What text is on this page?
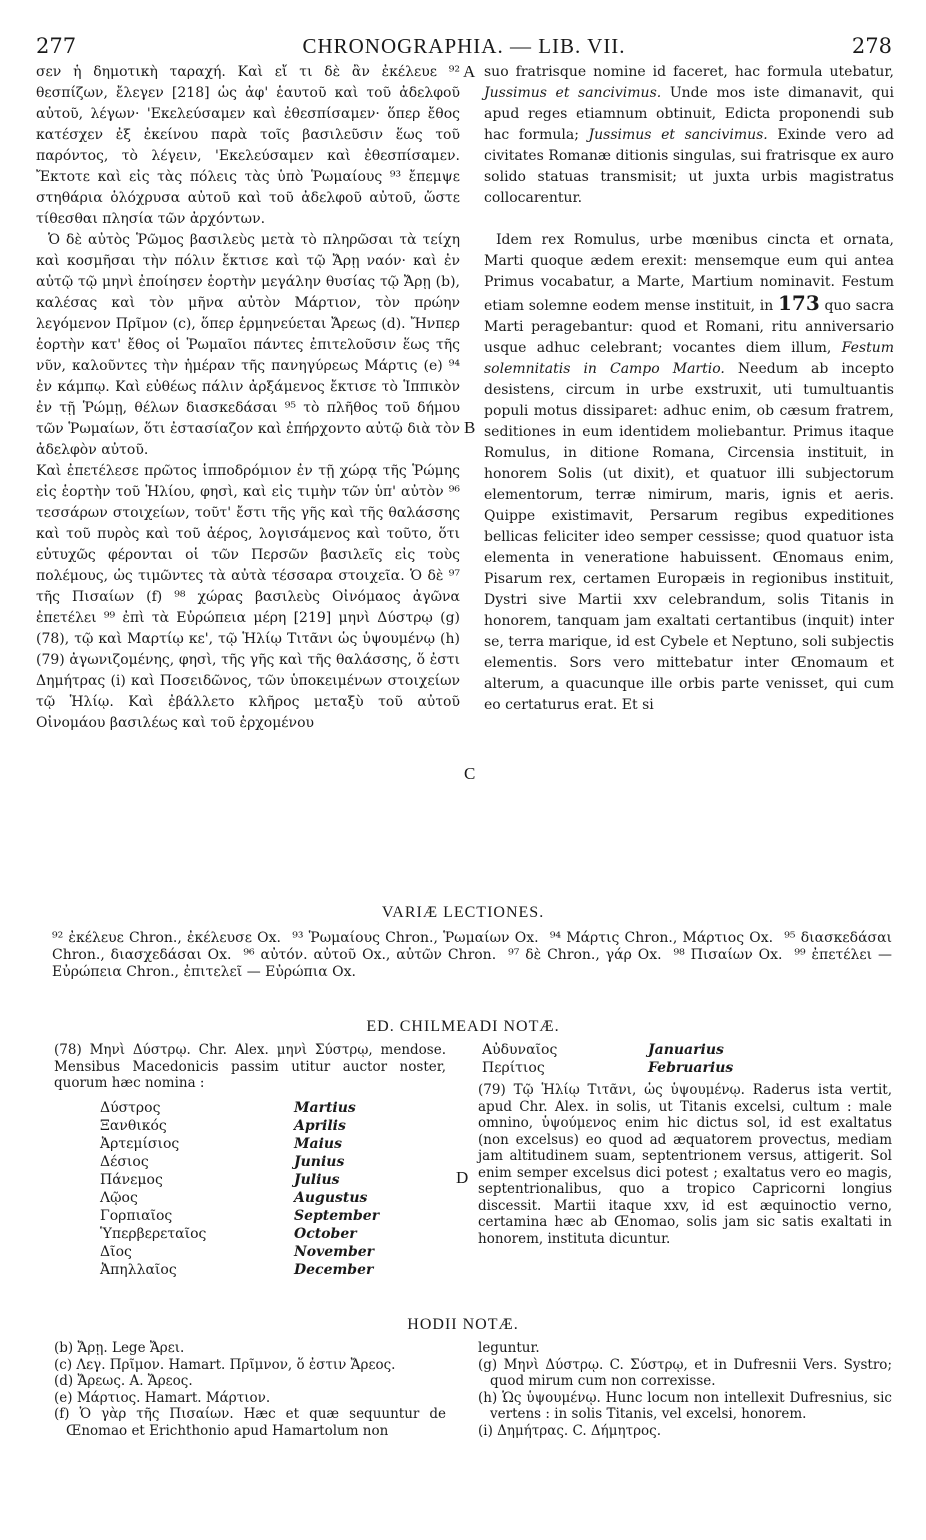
277	CHRONOGRAPHIA. — LIB. VII.	278

σεν ἡ δημοτικὴ ταραχή. Καὶ εἴ τι δὲ ἂν ἐκέλευε ⁹² θεσπίζων, ἔλεγεν [218] ὡς ἀφ' ἑαυτοῦ καὶ τοῦ ἀδελφοῦ αὐτοῦ, λέγων· 'Εκελεύσαμεν καὶ ἐθεσπίσαμεν· ὅπερ ἔθος κατέσχεν ἐξ ἐκείνου παρὰ τοῖς βασιλεῦσιν ἕως τοῦ παρόντος, τὸ λέγειν, 'Εκελεύσαμεν καὶ ἐθεσπίσαμεν. Ἔκτοτε καὶ εἰς τὰς πόλεις τὰς ὑπὸ Ῥωμαίους ⁹³ ἔπεμψε στηθάρια ὁλόχρυσα αὐτοῦ καὶ τοῦ ἀδελφοῦ αὐτοῦ, ὥστε τίθεσθαι πλησία τῶν ἀρχόντων.

Ὁ δὲ αὐτὸς Ῥῶμος βασιλεὺς μετὰ τὸ πληρῶσαι τὰ τείχη καὶ κοσμῆσαι τὴν πόλιν ἔκτισε καὶ τῷ Ἄρῃ ναόν· καὶ ἐν αὐτῷ τῷ μηνὶ ἐποίησεν ἑορτὴν μεγάλην θυσίας τῷ Ἄρῃ (b), καλέσας καὶ τὸν μῆνα αὐτὸν Μάρτιον, τὸν πρώην λεγόμενον Πρῖμον (c), ὅπερ ἑρμηνεύεται Ἄρεως (d). Ἤνπερ ἑορτὴν κατ' ἔθος οἱ Ῥωμαῖοι πάντες ἐπιτελοῦσιν ἕως τῆς νῦν, καλοῦντες τὴν ἡμέραν τῆς πανηγύρεως Μάρτις (e) ⁹⁴ ἐν κάμπῳ. Καὶ εὐθέως πάλιν ἀρξάμενος ἔκτισε τὸ Ἱππικὸν ἐν τῇ Ῥώμῃ, θέλων διασκεδάσαι ⁹⁵ τὸ πλῆθος τοῦ δήμου τῶν Ῥωμαίων, ὅτι ἐστασίαζον καὶ ἐπήρχοντο αὐτῷ διὰ τὸν ἀδελφὸν αὐτοῦ.

Καὶ ἐπετέλεσε πρῶτος ἱπποδρόμιον ἐν τῇ χώρᾳ τῆς Ῥώμης εἰς ἑορτὴν τοῦ Ἡλίου, φησὶ, καὶ εἰς τιμὴν τῶν ὑπ' αὐτὸν ⁹⁶ τεσσάρων στοιχείων, τοῦτ' ἔστι τῆς γῆς καὶ τῆς θαλάσσης καὶ τοῦ πυρὸς καὶ τοῦ ἀέρος, λογισάμενος καὶ τοῦτο, ὅτι εὐτυχῶς φέρονται οἱ τῶν Περσῶν βασιλεῖς εἰς τοὺς πολέμους, ὡς τιμῶντες τὰ αὐτὰ τέσσαρα στοιχεῖα. Ὁ δὲ ⁹⁷ τῆς Πισαίων (f) ⁹⁸ χώρας βασιλεὺς Οἰνόμαος ἀγῶνα ἐπετέλει ⁹⁹ ἐπὶ τὰ Εὐρώπεια μέρη [219] μηνὶ Δύστρῳ (g) (78), τῷ καὶ Μαρτίῳ κε', τῷ Ἡλίῳ Τιτᾶνι ὡς ὑψουμένῳ (h) (79) ἀγωνιζομένης, φησὶ, τῆς γῆς καὶ τῆς θαλάσσης, ὅ ἐστι Δημήτρας (i) καὶ Ποσειδῶνος, τῶν ὑποκειμένων στοιχείων τῷ Ἡλίῳ. Καὶ ἐβάλλετο κλῆρος μεταξὺ τοῦ αὐτοῦ Οἰνομάου βασιλέως καὶ τοῦ ἐρχομένου

A
B
C
D

suo fratrisque nomine id faceret, hac formula utebatur, Jussimus et sancivimus. Unde mos iste dimanavit, qui apud reges etiamnum obtinuit, Edicta proponendi sub hac formula; Jussimus et sancivimus. Exinde vero ad civitates Romanæ ditionis singulas, sui fratrisque ex auro solido statuas transmisit; ut juxta urbis magistratus collocarentur.

Idem rex Romulus, urbe mœnibus cincta et ornata, Marti quoque ædem erexit: mensemque eum qui antea Primus vocabatur, a Marte, Martium nominavit. Festum etiam solemne eodem mense instituit, in 173 quo sacra Marti peragebantur: quod et Romani, ritu anniversario usque adhuc celebrant; vocantes diem illum, Festum solemnitatis in Campo Martio. Needum ab incepto desistens, circum in urbe exstruxit, uti tumultuantis populi motus dissiparet: adhuc enim, ob cæsum fratrem, seditiones in eum identidem moliebantur. Primus itaque Romulus, in ditione Romana, Circensia instituit, in honorem Solis (ut dixit), et quatuor illi subjectorum elementorum, terræ nimirum, maris, ignis et aeris. Quippe existimavit, Persarum regibus expeditiones bellicas feliciter ideo semper cessisse; quod quatuor ista elementa in veneratione habuissent. Œnomaus enim, Pisarum rex, certamen Europæis in regionibus instituit, Dystri sive Martii xxv celebrandum, solis Titanis in honorem, tanquam jam exaltati certantibus (inquit) inter se, terra marique, id est Cybele et Neptuno, soli subjectis elementis. Sors vero mittebatur inter Œnomaum et alterum, a quacunque ille orbis parte venisset, qui cum eo certaturus erat. Et si

VARIÆ LECTIONES.
⁹² ἐκέλευε Chron., ἐκέλευσε Ox. ⁹³ Ῥωμαίους Chron., Ῥωμαίων Ox. ⁹⁴ Μάρτις Chron., Μάρτιος Ox. ⁹⁵ διασκεδάσαι Chron., διασχεδάσαι Ox. ⁹⁶ αὐτόν. αὐτοῦ Ox., αὐτῶν Chron. ⁹⁷ δὲ Chron., γάρ Ox. ⁹⁸ Πισαίων Ox. ⁹⁹ ἐπετέλει — Εὐρώπεια Chron., ἐπιτελεῖ — Εὐρώπια Ox.
ED. CHILMEADI NOTÆ.

(78) Μηνὶ Δύστρῳ. Chr. Alex. μηνὶ Σύστρῳ, mendose. Mensibus Macedonicis passim utitur auctor noster, quorum hæc nomina :

Δύστρος	Martius
Ξανθικός	Aprilis
Ἀρτεμίσιος	Maius
Δέσιος	Junius
Πάνεμος	Julius
Λῷος	Augustus
Γορπιαῖος	September
Ὑπερβερεταῖος	October
Δῖος	November
Ἀπηλλαῖος	December
Αὐδυναῖος	Januarius
Περίτιος	Februarius

(79) Τῷ Ἡλίῳ Τιτᾶνι, ὡς ὑψουμένῳ. Raderus ista vertit, apud Chr. Alex. in solis, ut Titanis excelsi, cultum : male omnino, ὑψούμενος enim hic dictus sol, id est exaltatus (non excelsus) eo quod ad æquatorem provectus, mediam jam altitudinem suam, septentrionem versus, attigerit. Sol enim semper excelsus dici potest ; exaltatus vero eo magis, septentrionalibus, quo a tropico Capricorni longius discessit. Martii itaque xxv, id est æquinoctio verno, certamina hæc ab Œnomao, solis jam sic satis exaltati in honorem, instituta dicuntur.

HODII NOTÆ.

(b) Ἄρῃ. Lege Ἄρει.

(c) Λεγ. Πρῖμον. Hamart. Πρῖμνον, ὅ ἐστιν Ἄρεος.

(d) Ἄρεως. A. Ἄρεος.

(e) Μάρτιος. Hamart. Μάρτιον.

(f) Ὁ γὰρ τῆς Πισαίων. Hæc et quæ sequuntur de Œnomao et Erichthonio apud Hamartolum non

leguntur.

(g) Μηνὶ Δύστρῳ. C. Σύστρῳ, et in Dufresnii Vers. Systro; quod mirum cum non correxisse.

(h) Ὡς ὑψουμένῳ. Hunc locum non intellexit Dufresnius, sic vertens : in solis Titanis, vel excelsi, honorem.

(i) Δημήτρας. C. Δήμητρος.
